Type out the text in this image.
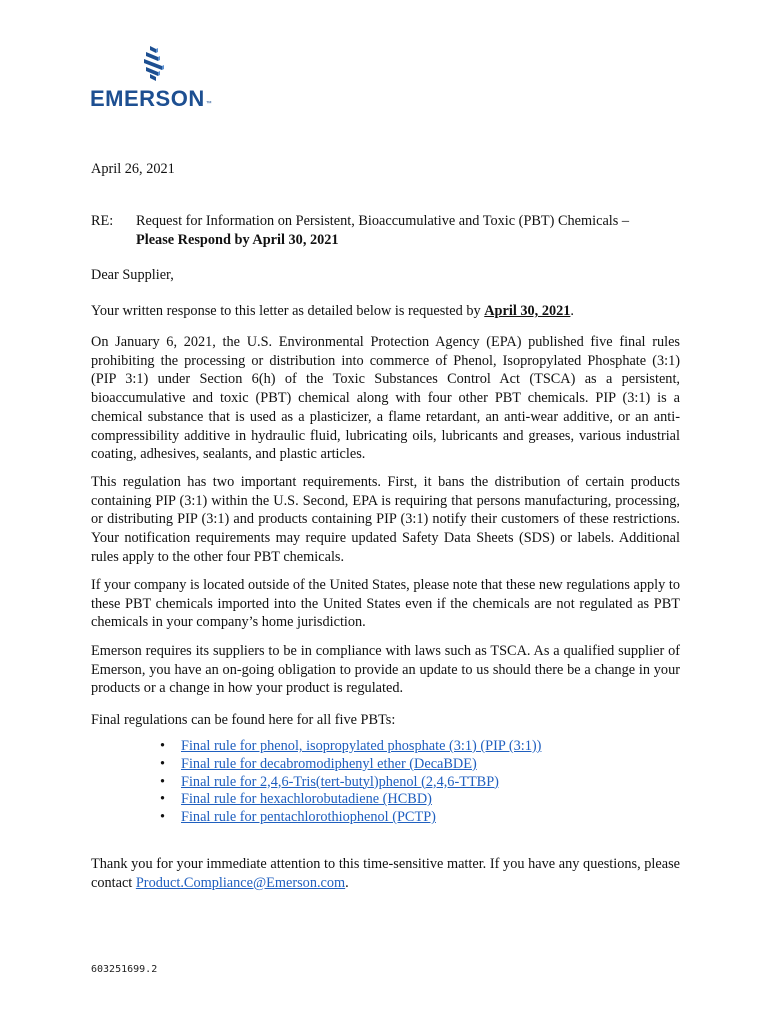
EMERSON™
April 26, 2021
RE: Request for Information on Persistent, Bioaccumulative and Toxic (PBT) Chemicals –
Please Respond by April 30, 2021
Dear Supplier,
Your written response to this letter as detailed below is requested by April 30, 2021.
On January 6, 2021, the U.S. Environmental Protection Agency (EPA) published five final rules prohibiting the processing or distribution into commerce of Phenol, Isopropylated Phosphate (3:1) (PIP 3:1) under Section 6(h) of the Toxic Substances Control Act (TSCA) as a persistent, bioaccumulative and toxic (PBT) chemical along with four other PBT chemicals. PIP (3:1) is a chemical substance that is used as a plasticizer, a flame retardant, an anti-wear additive, or an anti-compressibility additive in hydraulic fluid, lubricating oils, lubricants and greases, various industrial coating, adhesives, sealants, and plastic articles.
This regulation has two important requirements. First, it bans the distribution of certain products containing PIP (3:1) within the U.S. Second, EPA is requiring that persons manufacturing, processing, or distributing PIP (3:1) and products containing PIP (3:1) notify their customers of these restrictions. Your notification requirements may require updated Safety Data Sheets (SDS) or labels. Additional rules apply to the other four PBT chemicals.
If your company is located outside of the United States, please note that these new regulations apply to these PBT chemicals imported into the United States even if the chemicals are not regulated as PBT chemicals in your company’s home jurisdiction.
Emerson requires its suppliers to be in compliance with laws such as TSCA. As a qualified supplier of Emerson, you have an on-going obligation to provide an update to us should there be a change in your products or a change in how your product is regulated.
Final regulations can be found here for all five PBTs:
• Final rule for phenol, isopropylated phosphate (3:1) (PIP (3:1))
• Final rule for decabromodiphenyl ether (DecaBDE)
• Final rule for 2,4,6-Tris(tert-butyl)phenol (2,4,6-TTBP)
• Final rule for hexachlorobutadiene (HCBD)
• Final rule for pentachlorothiophenol (PCTP)
Thank you for your immediate attention to this time-sensitive matter. If you have any questions, please contact Product.Compliance@Emerson.com.
603251699.2
